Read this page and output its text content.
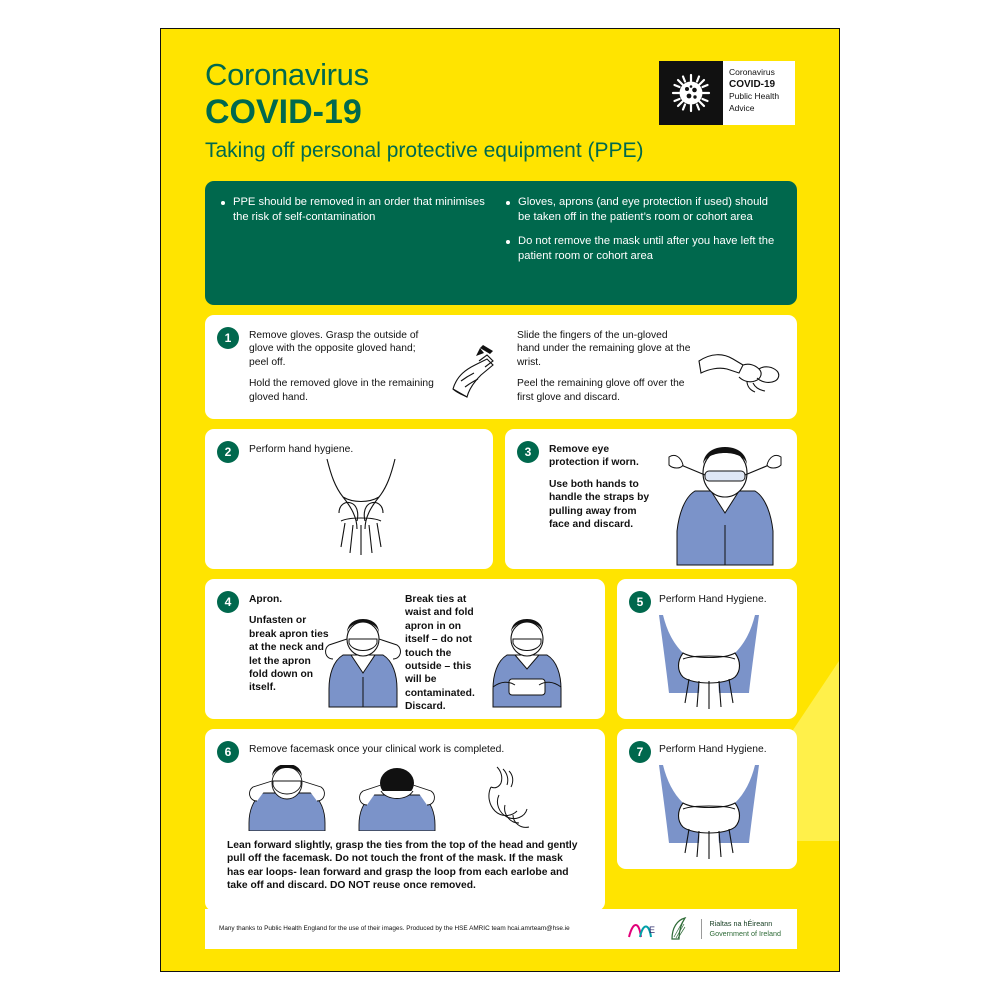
Coronavirus
COVID-19
Taking off personal protective equipment (PPE)
Coronavirus
COVID-19
Public Health
Advice
PPE should be removed in an order that minimises the risk of self-contamination
Gloves, aprons (and eye protection if used) should be taken off in the patient’s room or cohort area
Do not remove the mask until after you have left the patient room or cohort area
1	Remove gloves. Grasp the outside of glove with the opposite gloved hand; peel off.

Hold the removed glove in the remaining gloved hand.

Slide the fingers of the un-gloved hand under the remaining glove at the wrist.

Peel the remaining glove off over the first glove and discard.

2	Perform hand hygiene.	3	Remove eye protection if worn.

Use both hands to handle the straps by pulling away from face and discard.

4	Apron.

Unfasten or break apron ties at the neck and let the apron fold down on itself.

Break ties at waist and fold apron in on itself – do not touch the outside – this will be contaminated. Discard.
5	Perform Hand Hygiene.
6	Remove facemask once your clinical work is completed.
Lean forward slightly, grasp the ties from the top of the head and gently pull off the facemask. Do not touch the front of the mask. If the mask has ear loops- lean forward and grasp the loop from each earlobe and take off and discard. DO NOT reuse once removed.
7	Perform Hand Hygiene.
Many thanks to Public Health England for the use of their images. Produced by the HSE AMRIC team hcai.amrteam@hse.ie	E
Rialtas na hÉireann
Government of Ireland
